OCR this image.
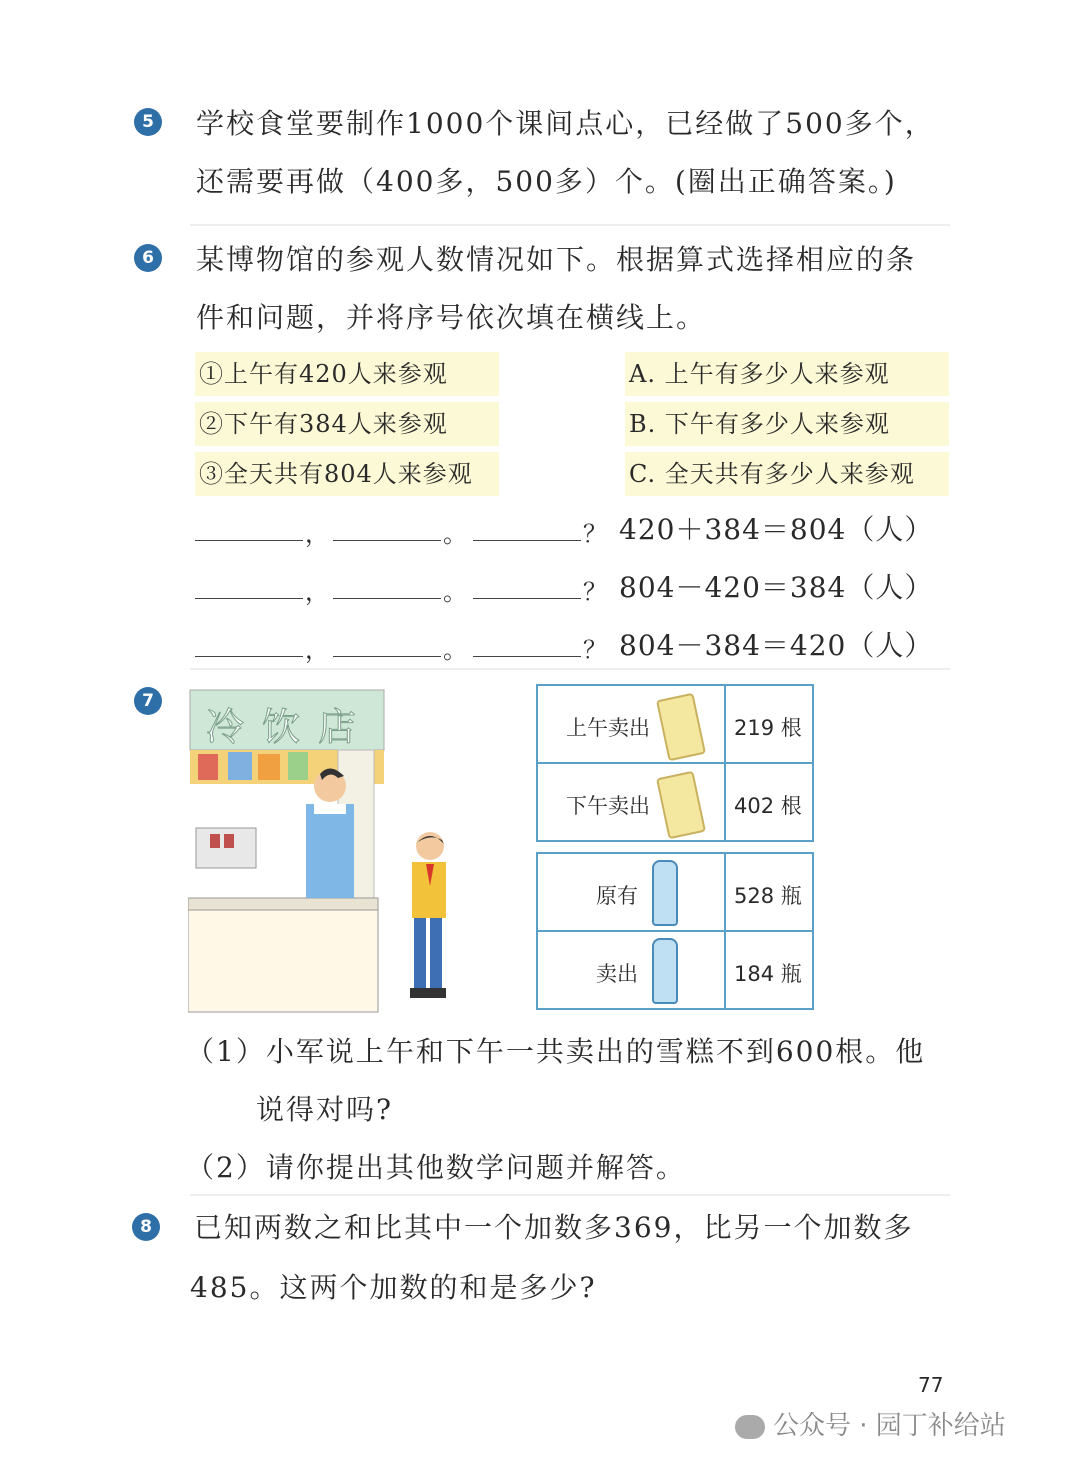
5 学校食堂要制作1000个课间点心，已经做了500多个，
还需要再做（400多，500多）个。(圈出正确答案。)
6 某博物馆的参观人数情况如下。根据算式选择相应的条
件和问题，并将序号依次填在横线上。
①上午有420人来参观
②下午有384人来参观
③全天共有804人来参观
A. 上午有多少人来参观
B. 下午有多少人来参观
C. 全天共有多少人来参观
，	。	？ 420＋384＝804（人）
，	。	？ 804－420＝384（人）
，	。	？ 804－384＝420（人）
7
冷饮店	上午卖出	219 根
下午卖出	402 根
原有	528 瓶
卖出	184 瓶
（1）小军说上午和下午一共卖出的雪糕不到600根。他
说得对吗?
（2）请你提出其他数学问题并解答。
8 已知两数之和比其中一个加数多369，比另一个加数多
485。这两个加数的和是多少?
77
公众号 · 园丁补给站
